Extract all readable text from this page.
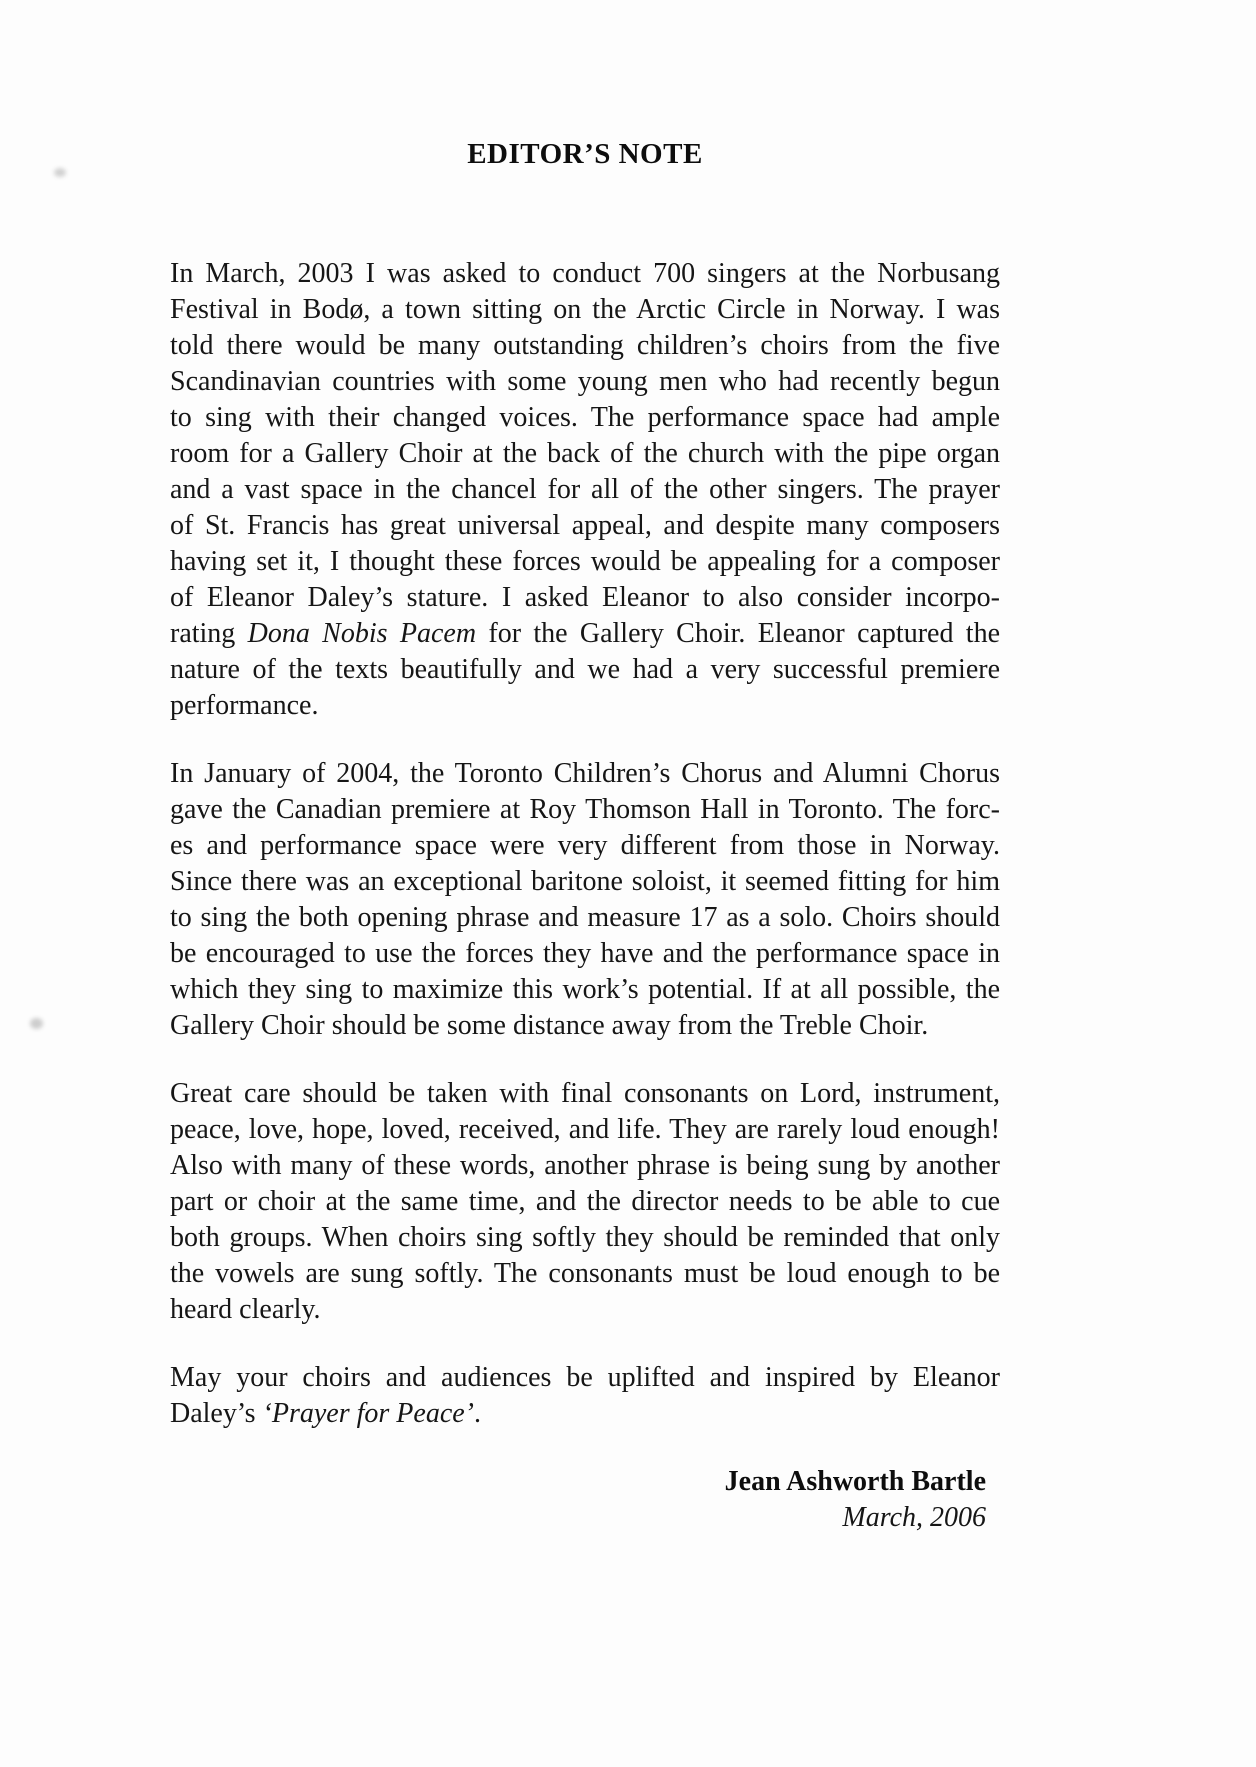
EDITOR’S NOTE
In March, 2003 I was asked to conduct 700 singers at the Norbusang
Festival in Bodø, a town sitting on the Arctic Circle in Norway. I was
told there would be many outstanding children’s choirs from the five
Scandinavian countries with some young men who had recently begun
to sing with their changed voices. The performance space had ample
room for a Gallery Choir at the back of the church with the pipe organ
and a vast space in the chancel for all of the other singers. The prayer
of St. Francis has great universal appeal, and despite many composers
having set it, I thought these forces would be appealing for a composer
of Eleanor Daley’s stature. I asked Eleanor to also consider incorpo-
rating Dona Nobis Pacem for the Gallery Choir. Eleanor captured the
nature of the texts beautifully and we had a very successful premiere
performance.
In January of 2004, the Toronto Children’s Chorus and Alumni Chorus
gave the Canadian premiere at Roy Thomson Hall in Toronto. The forc-
es and performance space were very different from those in Norway.
Since there was an exceptional baritone soloist, it seemed fitting for him
to sing the both opening phrase and measure 17 as a solo. Choirs should
be encouraged to use the forces they have and the performance space in
which they sing to maximize this work’s potential. If at all possible, the
Gallery Choir should be some distance away from the Treble Choir.
Great care should be taken with final consonants on Lord, instrument,
peace, love, hope, loved, received, and life. They are rarely loud enough!
Also with many of these words, another phrase is being sung by another
part or choir at the same time, and the director needs to be able to cue
both groups. When choirs sing softly they should be reminded that only
the vowels are sung softly. The consonants must be loud enough to be
heard clearly.
May your choirs and audiences be uplifted and inspired by Eleanor
Daley’s ‘Prayer for Peace’.
Jean Ashworth Bartle
March, 2006
